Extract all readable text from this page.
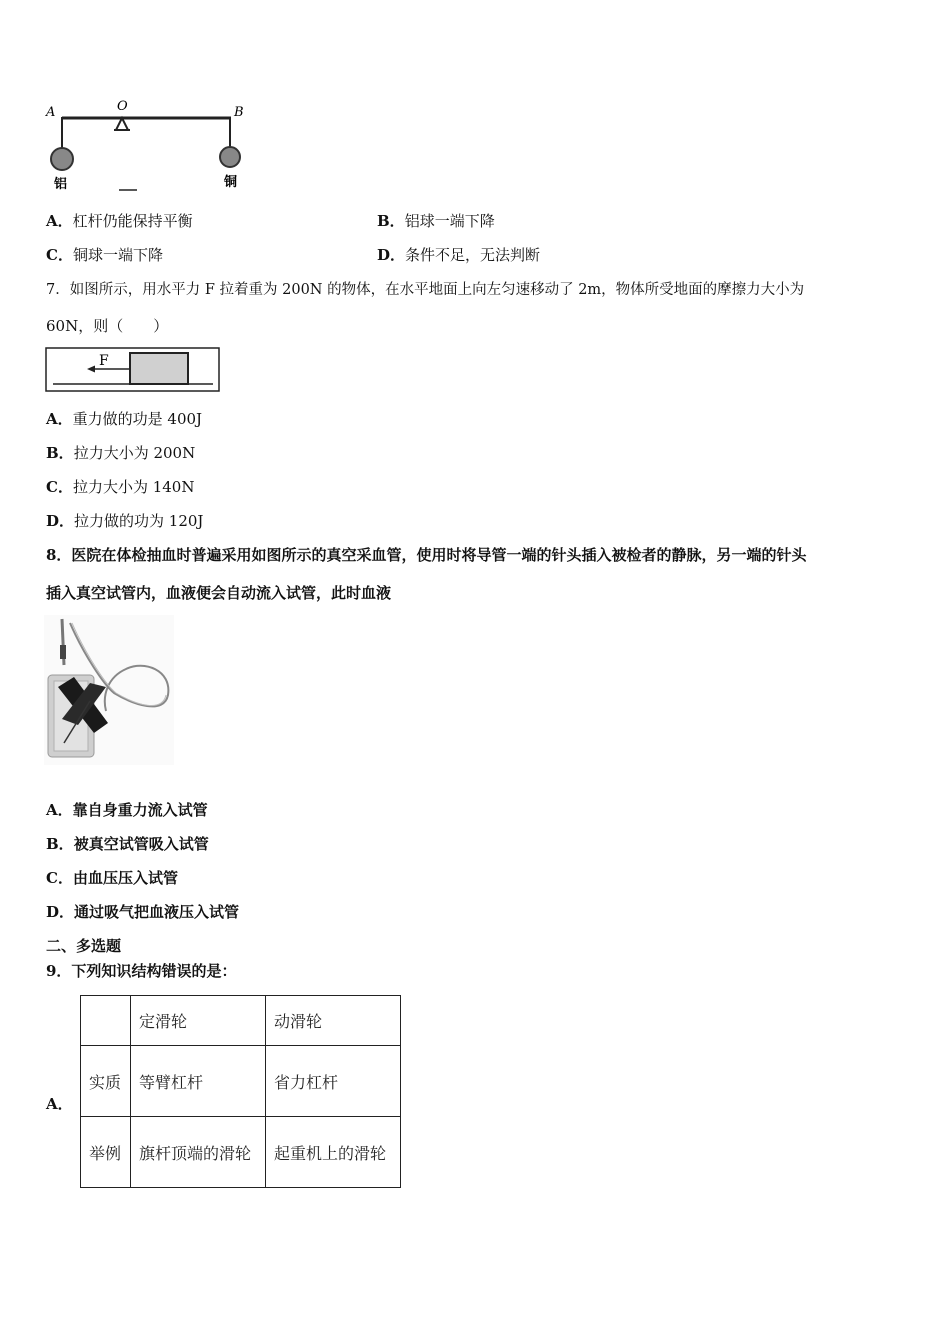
A	O	B
铝	铜
A．杠杆仍能保持平衡	B．铝球一端下降
C．铜球一端下降	D．条件不足，无法判断
7．如图所示，用水平力 F 拉着重为 200N 的物体，在水平地面上向左匀速移动了 2m，物体所受地面的摩擦力大小为
60N，则（　　）
F
A．重力做的功是 400J
B．拉力大小为 200N
C．拉力大小为 140N
D．拉力做的功为 120J
8．医院在体检抽血时普遍采用如图所示的真空采血管，使用时将导管一端的针头插入被检者的静脉，另一端的针头
插入真空试管内，血液便会自动流入试管，此时血液
A．靠自身重力流入试管
B．被真空试管吸入试管
C．由血压压入试管
D．通过吸气把血液压入试管
二、多选题
9．下列知识结构错误的是：
A．
	定滑轮	动滑轮
实质	等臂杠杆	省力杠杆
举例	旗杆顶端的滑轮	起重机上的滑轮
